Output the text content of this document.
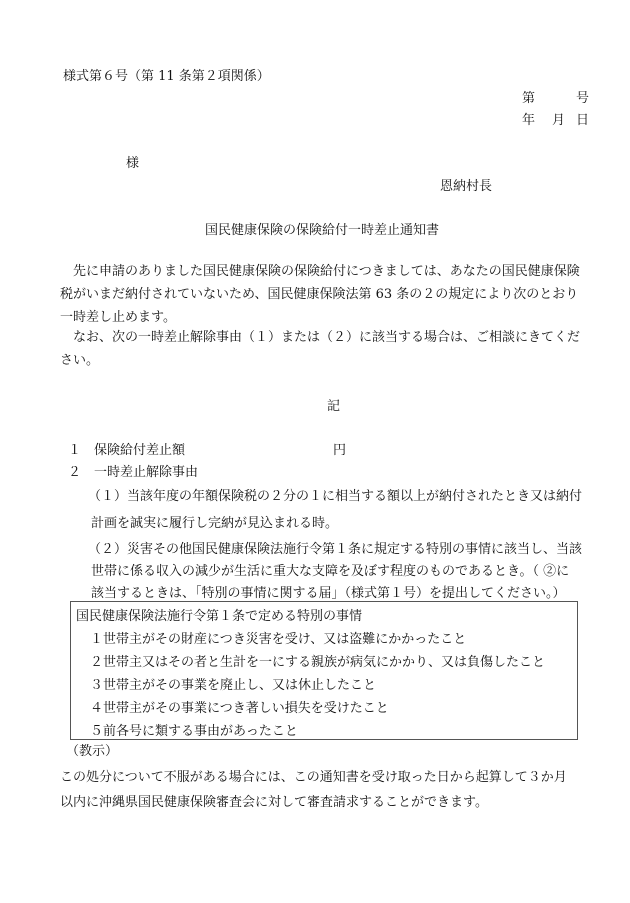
様式第６号（第 11 条第２項関係）
第	号
年 月 日
様
恩納村長
国民健康保険の保険給付一時差止通知書
先に申請のありました国民健康保険の保険給付につきましては、あなたの国民健康保険
税がいまだ納付されていないため、国民健康保険法第 63 条の２の規定により次のとおり
一時差し止めます。
なお、次の一時差止解除事由（１）または（２）に該当する場合は、ご相談にきてくだ
さい。
記
１ 保険給付差止額	円
２ 一時差止解除事由
（１）当該年度の年額保険税の２分の１に相当する額以上が納付されたとき又は納付
計画を誠実に履行し完納が見込まれる時。
（２）災害その他国民健康保険法施行令第１条に規定する特別の事情に該当し、当該
世帯に係る収入の減少が生活に重大な支障を及ぼす程度のものであるとき。（ ②に
該当するときは、「特別の事情に関する届」（様式第１号）を提出してください。）
国民健康保険法施行令第１条で定める特別の事情
１世帯主がその財産につき災害を受け、又は盗難にかかったこと
２世帯主又はその者と生計を一にする親族が病気にかかり、又は負傷したこと
３世帯主がその事業を廃止し、又は休止したこと
４世帯主がその事業につき著しい損失を受けたこと
５前各号に類する事由があったこと
（教示）
この処分について不服がある場合には、この通知書を受け取った日から起算して３か月
以内に沖縄県国民健康保険審査会に対して審査請求することができます。
